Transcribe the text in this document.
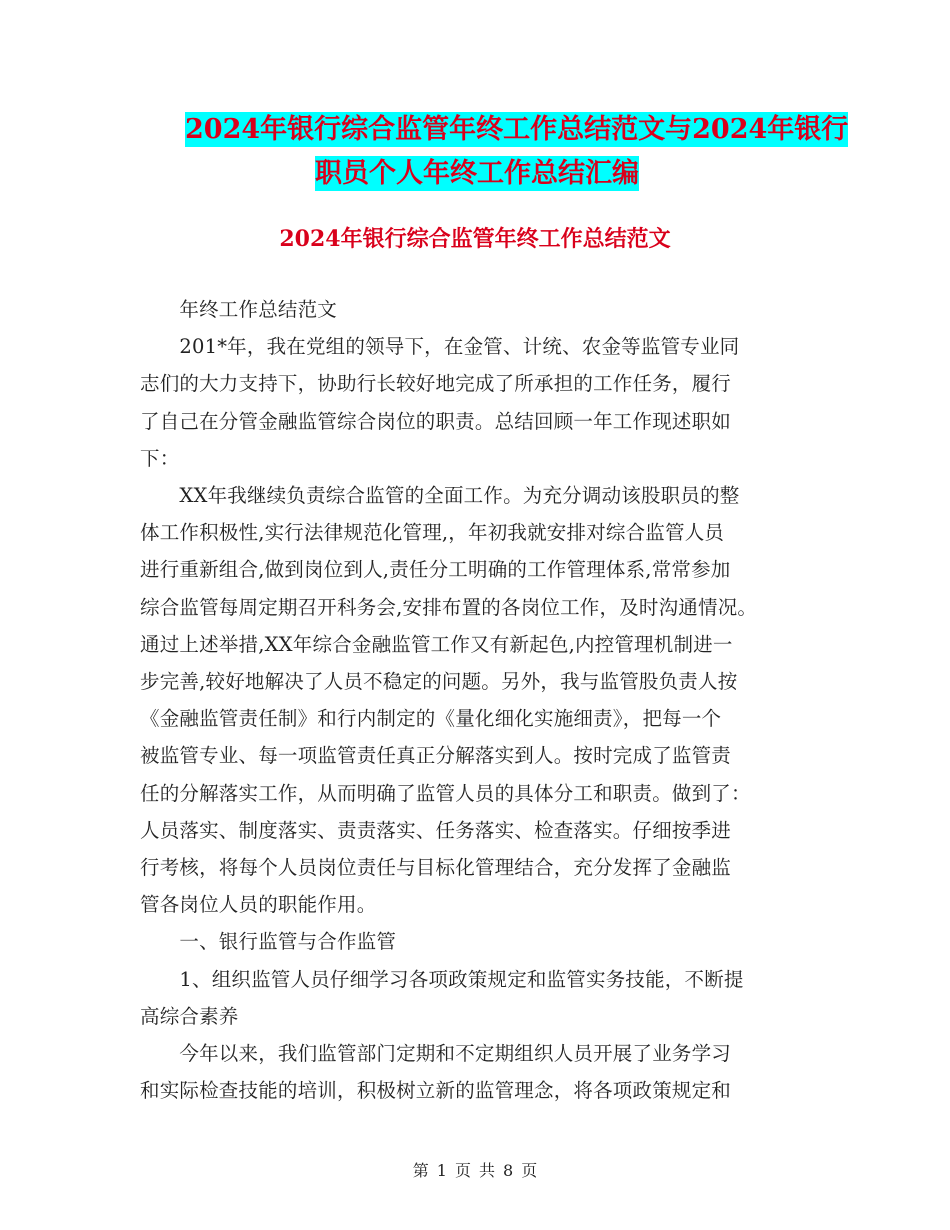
2024年银行综合监管年终工作总结范文与2024年银行
职员个人年终工作总结汇编
2024年银行综合监管年终工作总结范文
　　年终工作总结范文
　　201*年，我在党组的领导下，在金管、计统、农金等监管专业同
志们的大力支持下，协助行长较好地完成了所承担的工作任务，履行
了自己在分管金融监管综合岗位的职责。总结回顾一年工作现述职如
下：
　　XX年我继续负责综合监管的全面工作。为充分调动该股职员的整
体工作积极性,实行法律规范化管理,，年初我就安排对综合监管人员
进行重新组合,做到岗位到人,责任分工明确的工作管理体系,常常参加
综合监管每周定期召开科务会,安排布置的各岗位工作，及时沟通情况。
通过上述举措,XX年综合金融监管工作又有新起色,内控管理机制进一
步完善,较好地解决了人员不稳定的问题。另外，我与监管股负责人按
《金融监管责任制》和行内制定的《量化细化实施细责》，把每一个
被监管专业、每一项监管责任真正分解落实到人。按时完成了监管责
任的分解落实工作，从而明确了监管人员的具体分工和职责。做到了：
人员落实、制度落实、责责落实、任务落实、检查落实。仔细按季进
行考核，将每个人员岗位责任与目标化管理结合，充分发挥了金融监
管各岗位人员的职能作用。
　　一、银行监管与合作监管
　　1、组织监管人员仔细学习各项政策规定和监管实务技能，不断提
高综合素养
　　今年以来，我们监管部门定期和不定期组织人员开展了业务学习
和实际检查技能的培训，积极树立新的监管理念，将各项政策规定和
第 1 页 共 8 页
